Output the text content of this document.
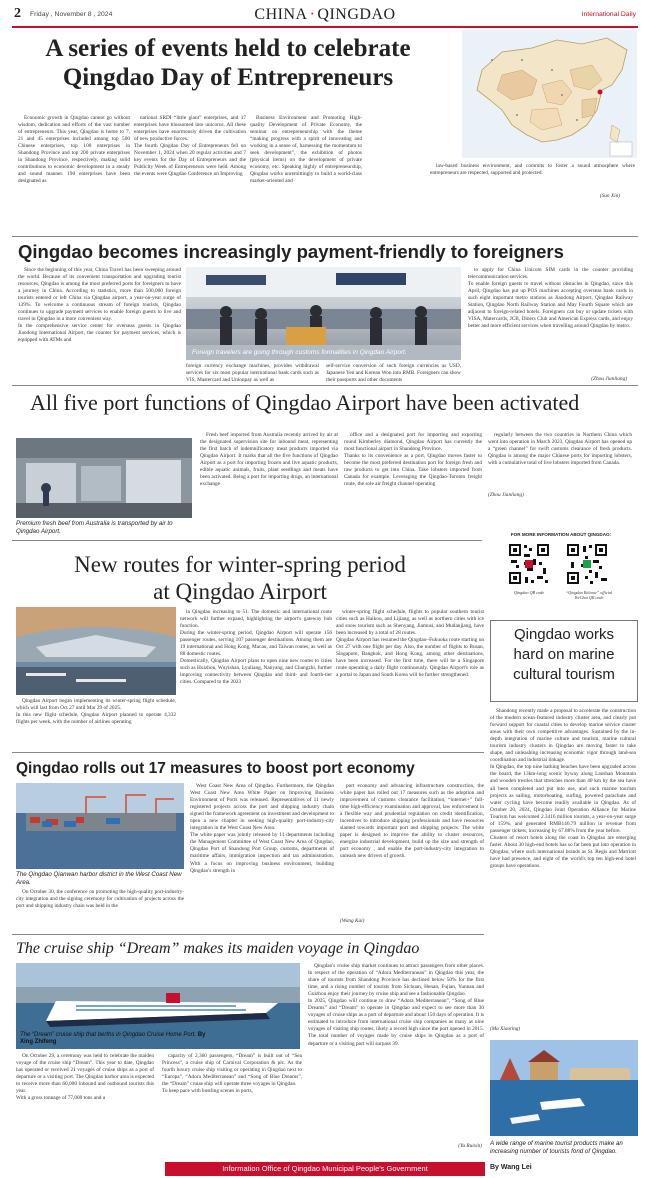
2 Friday , November 8 , 2024	CHINA · QINGDAO	International Daily
A series of events held to celebrate
Qingdao Day of Entrepreneurs
Economic growth in Qingdao cannot go without wisdom, dedication and efforts of the vast number of entrepreneurs. This year, Qingdao is home to 7, 21 and 45 enterprises included among top 500 Chinese enterprises, top 100 enterprises in Shandong Province and top 200 private enterprises in Shandong Province, respectively, making solid contributions to economic development in a steady and sound manner. 190 enterprises have been designated as
national SRDI “little giant” enterprises, and 17 enterprises have blossomed into unicorns. All these enterprises have enormously driven the cultivation of new productive forces.
The fourth Qingdao Day of Entrepreneurs fell on November 1, 2024 when 20 regular activities and 7 key events for the Day of Entrepreneurs and the Publicity Week of Entrepreneurs were held. Among the events were Qingdao Conference on Improving
Business Environment and Promoting High-quality Development of Private Economy, the seminar on entrepreneurship with the theme “making progress with a spirit of innovating and working in a sense of, harnessing the momentum to seek development”, the exhibition of photos (physical items) on the development of private economy, etc. Speaking highly of entrepreneurship, Qingdao works unremittingly to build a world-class market-oriented and
law-based business environment, and commits to foster a sound atmosphere where entrepreneurs are respected, supported and protected.
(Sun Xin)
Qingdao becomes increasingly payment-friendly to foreigners
Since the beginning of this year, China Travel has been sweeping around the world. Because of its convenient transportation and upgrading tourist resources, Qingdao is among the most preferred ports for foreigners to have a journey in China. According to statistics, more than 500,000 foreign tourists entered or left China via Qingdao airport, a year-on-year surge of 139%. To welcome a continuous stream of foreign tourists, Qingdao continues to upgrade payment services to enable foreign guests to live and travel in Qingdao in a more convenient way.
In the comprehensive service center for overseas guests in Qingdao Jiaodong International Airport, the counter for payment services, which is equipped with ATMs and
Foreign travelers are going through customs formalities in Qingdao Airport.
foreign currency exchange machines, provides withdrawal services for six most popular international bank cards such as VIS, Mastercard and Unionpay as well as
self-service conversion of such foreign currencies as USD, Japanese Yen and Korean Won into RMB. Foreigners can show their passports and other documents
to apply for China Unicom SIM cards in the counter providing telecommunication services.
To enable foreign guests to travel without obstacles in Qingdao, since this April, Qingdao has put up POS machines accepting overseas bank cards in such eight important metro stations as Jiaodong Airport, Qingdao Railway Station, Qingdao North Railway Station and May Fourth Square which are adjacent to foreign-related hotels. Foreigners can buy or update tickets with VISA, Matercards, JCB, Diners Club and American Express cards, and enjoy better and more efficient services when travelling around Qingdao by metro.
(Zhou Jianliang)
All five port functions of Qingdao Airport have been activated
Premium fresh beef from Australia is transported by air to Qingdao Airport.
Fresh beef imported from Australia recently arrived by air at the designated supervision site for inbound meat, representing the first batch of indemnificatory meat products imported via Qingdao Airport. It marks that all the five functions of Qingdao Airport as a port for importing frozen and live aquatic products, edible aquatic animals, fruits, plant seedlings and meats have been activated. Being a port for importing drugs, an international exchange
office and a designated port for importing and exporting round Kimberley diamond, Qingdao Airport has currently the most functional airport in Shandong Province.
Thanks to its convenience as a port, Qingdao moves faster to become the most preferred destination port for foreign fresh and raw products to get into China. Take lobsters imported from Canada for example. Leveraging the Qingdao-Toronto freight route, the sole air freight channel operating
regularly between the two countries in Northern China which went into operation in March 2023, Qingdao Airport has opened up a “green channel” for swift customs clearance of fresh products. Qingdao is among the major Chinese ports for importing lobsters, with a cumulative total of live lobsters imported from Canada.
(Zhou Jianliang)
FOR MORE INFORMATION ABOUT QINGDAO:
Qingdao QR code	“Qingdao Release” official WeChat QR code
New routes for winter-spring period
at Qingdao Airport
Qingdao Airport began implementing its winter-spring flight schedule, which will last from Oct 27 until Mar 29 of 2025.
In this new flight schedule, Qingdao Airport planned to operate 4,332 flights per week, with the number of airlines operating
in Qingdao increasing to 51. The domestic and international route network will further expand, highlighting the airport's gateway hub function.
During the winter-spring period, Qingdao Airport will operate 156 passenger routes, serving 107 passenger destinations. Among them are 19 international and Hong Kong, Macao, and Taiwan routes, as well as 88 domestic routes.
Domestically, Qingdao Airport plans to open nine new routes to cities such as Huizhou, Wuyishan, Lyuliang, Nanyang, and Changzhi, further improving connectivity between Qingdao and third- and fourth-tier cities. Compared to the 2023
winter-spring flight schedule, flights to popular southern tourist cities such as Haikou, and Lijiang, as well as northern cities with ice and snow tourism such as Shenyang, Jiamusi, and Mudanjiang, have been increased by a total of 28 routes.
Qingdao Airport has resumed the Qingdao–Fukuoka route starting on Oct 27 with one flight per day. Also, the number of flights to Busan, Singapore, Bangkok, and Hong Kong, among other destinations, have been increased. For the first time, there will be a Singapore route operating a daily flight continuously. Qingdao Airport's role as a portal to Japan and South Korea will be further strengthened.
Qingdao works
hard on marine
cultural tourism
Shandong recently made a proposal to accelerate the construction of the modern ocean-featured industry cluster area, and clearly put forward support for coastal cities to develop marine service cluster areas with their own competitive advantages. Sustained by the in-depth integration of marine culture and tourism, marine cultural tourism industry clusters in Qingdao are moving faster to take shape, and unleashing increasing economic vigor through land-sea coordination and industrial linkage.
In Qingdao, the top nine bathing beaches have been upgraded across the board, the 13km-long scenic byway along Laoshan Mountain and wooden trestles that stretches more than 40 km by the sea have all been completed and put into use, and such marine tourism projects as sailing, motorboating, surfing, powered parachute and water cycling have become readily available in Qingdao. As of October 20, 2024, Qingdao Joint Operation Alliance for Marine Tourism has welcomed 2.3416 million tourists, a year-on-year surge of 159%, and generated RMB146.79 million in revenue from passenger tickets, increasing by 67.88% from the year before.
Clusters of resort hotels along the coast in Qingdao are emerging faster. About 30 high-end hotels has so far been put into operation in Qingdao, where such international brands as St. Regis and Marriott have had presence, and eight of the world's top ten high-end hotel groups have operations.
(Ma Xiaoting)
A wide range of marine tourist products make an increasing number of tourists fond of Qingdao.
By Wang Lei
Qingdao rolls out 17 measures to boost port economy
The Qingdao Qianwan harbor district in the West Coast New Area.
On October 30, the conference on promoting the high-quality port-industry-city integration and the signing ceremony for cultivation of projects across the port and shipping industry chain was held in the
West Coast New Area of Qingdao. Furthermore, the Qingdao West Coast New Area White Paper on Improving Business Environment of Ports was released. Representatives of 11 newly registered projects across the port and shipping industry chain signed the framework agreement on investment and development to open a new chapter in seeking high-quality port-industry-city integration in the West Coast New Area.
The white paper was jointly released by 11 departments including the Management Committee of West Coast New Area of Qingdao, Qingdao Port of Shandong Port Group, customs, departments of maritime affairs, immigration inspection and tax administration. With a focus on improving business environment, building Qingdao's strength in
port economy and advancing infrastructure construction, the white paper has rolled out 17 measures such as the adoption and improvement of customs clearance facilitation, “internet+” full-time high-efficiency examination and approval, law enforcement in a flexible way and prudential regulation on credit identification, incentives to introduce shipping professionals and have resources slanted towards important port and shipping projects. The white paper is designed to improve the ability to cluster resources, energize industrial development, build up the size and strength of port economy , and enable the port-industry-city integration to unleash new drivers of growth.
(Wang Kai)
The cruise ship “Dream” makes its maiden voyage in Qingdao
The “Dream” cruise ship that berths in Qingdao Cruise Home Port. By Xing Zhifeng
On October 29, a ceremony was held to celebrate the maiden voyage of the cruise ship “Dream”. This year to date, Qingdao has operated or received 21 voyages of cruise ships as a port of departure or a visiting port. The Qingdao harbor area is expected to receive more than 60,000 inbound and outbound tourists this year.
With a gross tonnage of 77,000 tons and a
capacity of 2,360 passengers, “Dream” is built out of “Sea Princess”, a cruise ship of Carnival Corporation & plc. As the fourth luxury cruise ship visiting or operating in Qingdao next to “Europa”, “Adora Mediterranean” and “Song of Blue Dreams”, the “Dream” cruise ship will operate three voyages in Qingdao.
To keep pace with bustling scenes in ports,
Qingdao's cruise ship market continues to attract passengers from other places. In respect of the operation of “Adora Mediterranean” in Qingdao this year, the share of tourists from Shandong Province has declined below 50% for the first time, and a rising number of tourists from Sichuan, Henan, Fujian, Yunnan and Guizhou enjoy their journey by cruise ship and see a fashionable Qingdao.
In 2025, Qingdao will continue to draw “Adora Mediterranean”, “Song of Blue Dreams” and “Dream” to operate in Qingdao and expect to see more than 30 voyages of cruise ships as a port of departure and about 150 days of operation. It is estimated to introduce from international cruise ship companies as many as nine voyages of visiting ship routes, likely a record high since the port opened in 2015. The total number of voyages made by cruise ships in Qingdao as a port of departure or a visiting port will surpass 39.
(Yu Ruixin)
Information Office of Qingdao Municipal People's Government
